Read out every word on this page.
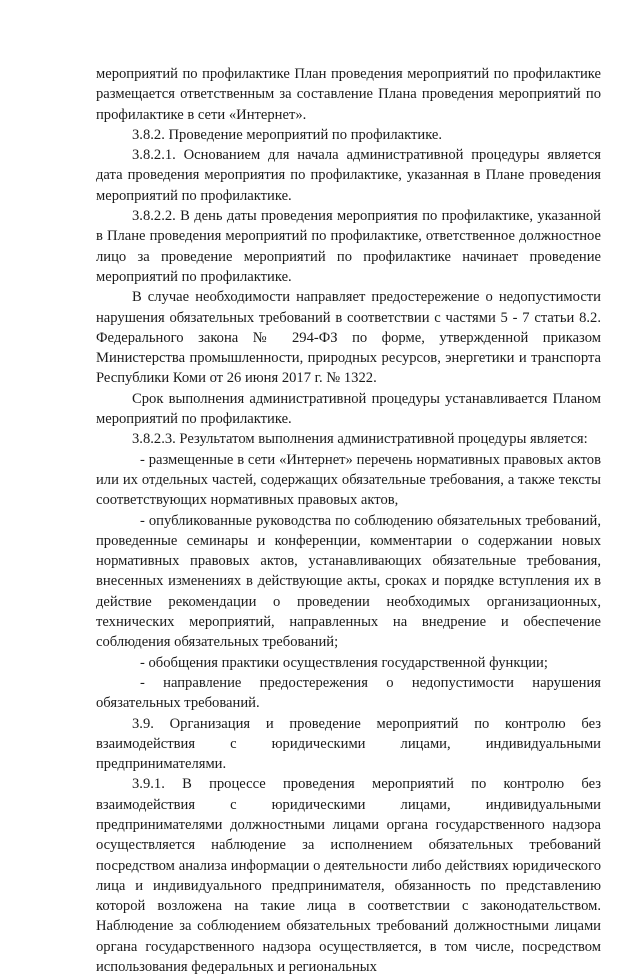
мероприятий по профилактике План проведения мероприятий по профилактике размещается ответственным за составление Плана проведения мероприятий по профилактике в сети «Интернет».

3.8.2. Проведение мероприятий по профилактике.

3.8.2.1. Основанием для начала административной процедуры является дата проведения мероприятия по профилактике, указанная в Плане проведения мероприятий по профилактике.

3.8.2.2. В день даты проведения мероприятия по профилактике, указанной в Плане проведения мероприятий по профилактике, ответственное должностное лицо за проведение мероприятий по профилактике начинает проведение мероприятий по профилактике.

В случае необходимости направляет предостережение о недопустимости нарушения обязательных требований в соответствии с частями 5 - 7 статьи 8.2. Федерального закона № 294-ФЗ по форме, утвержденной приказом Министерства промышленности, природных ресурсов, энергетики и транспорта Республики Коми от 26 июня 2017 г. № 1322.

Срок выполнения административной процедуры устанавливается Планом мероприятий по профилактике.

3.8.2.3. Результатом выполнения административной процедуры является:

- размещенные в сети «Интернет» перечень нормативных правовых актов или их отдельных частей, содержащих обязательные требования, а также тексты соответствующих нормативных правовых актов,

- опубликованные руководства по соблюдению обязательных требований, проведенные семинары и конференции, комментарии о содержании новых нормативных правовых актов, устанавливающих обязательные требования, внесенных изменениях в действующие акты, сроках и порядке вступления их в действие рекомендации о проведении необходимых организационных, технических мероприятий, направленных на внедрение и обеспечение соблюдения обязательных требований;

- обобщения практики осуществления государственной функции;

- направление предостережения о недопустимости нарушения обязательных требований.

3.9. Организация и проведение мероприятий по контролю без взаимодействия с юридическими лицами, индивидуальными предпринимателями.

3.9.1. В процессе проведения мероприятий по контролю без взаимодействия с юридическими лицами, индивидуальными предпринимателями должностными лицами органа государственного надзора осуществляется наблюдение за исполнением обязательных требований посредством анализа информации о деятельности либо действиях юридического лица и индивидуального предпринимателя, обязанность по представлению которой возложена на такие лица в соответствии с законодательством. Наблюдение за соблюдением обязательных требований должностными лицами органа государственного надзора осуществляется, в том числе, посредством использования федеральных и региональных
